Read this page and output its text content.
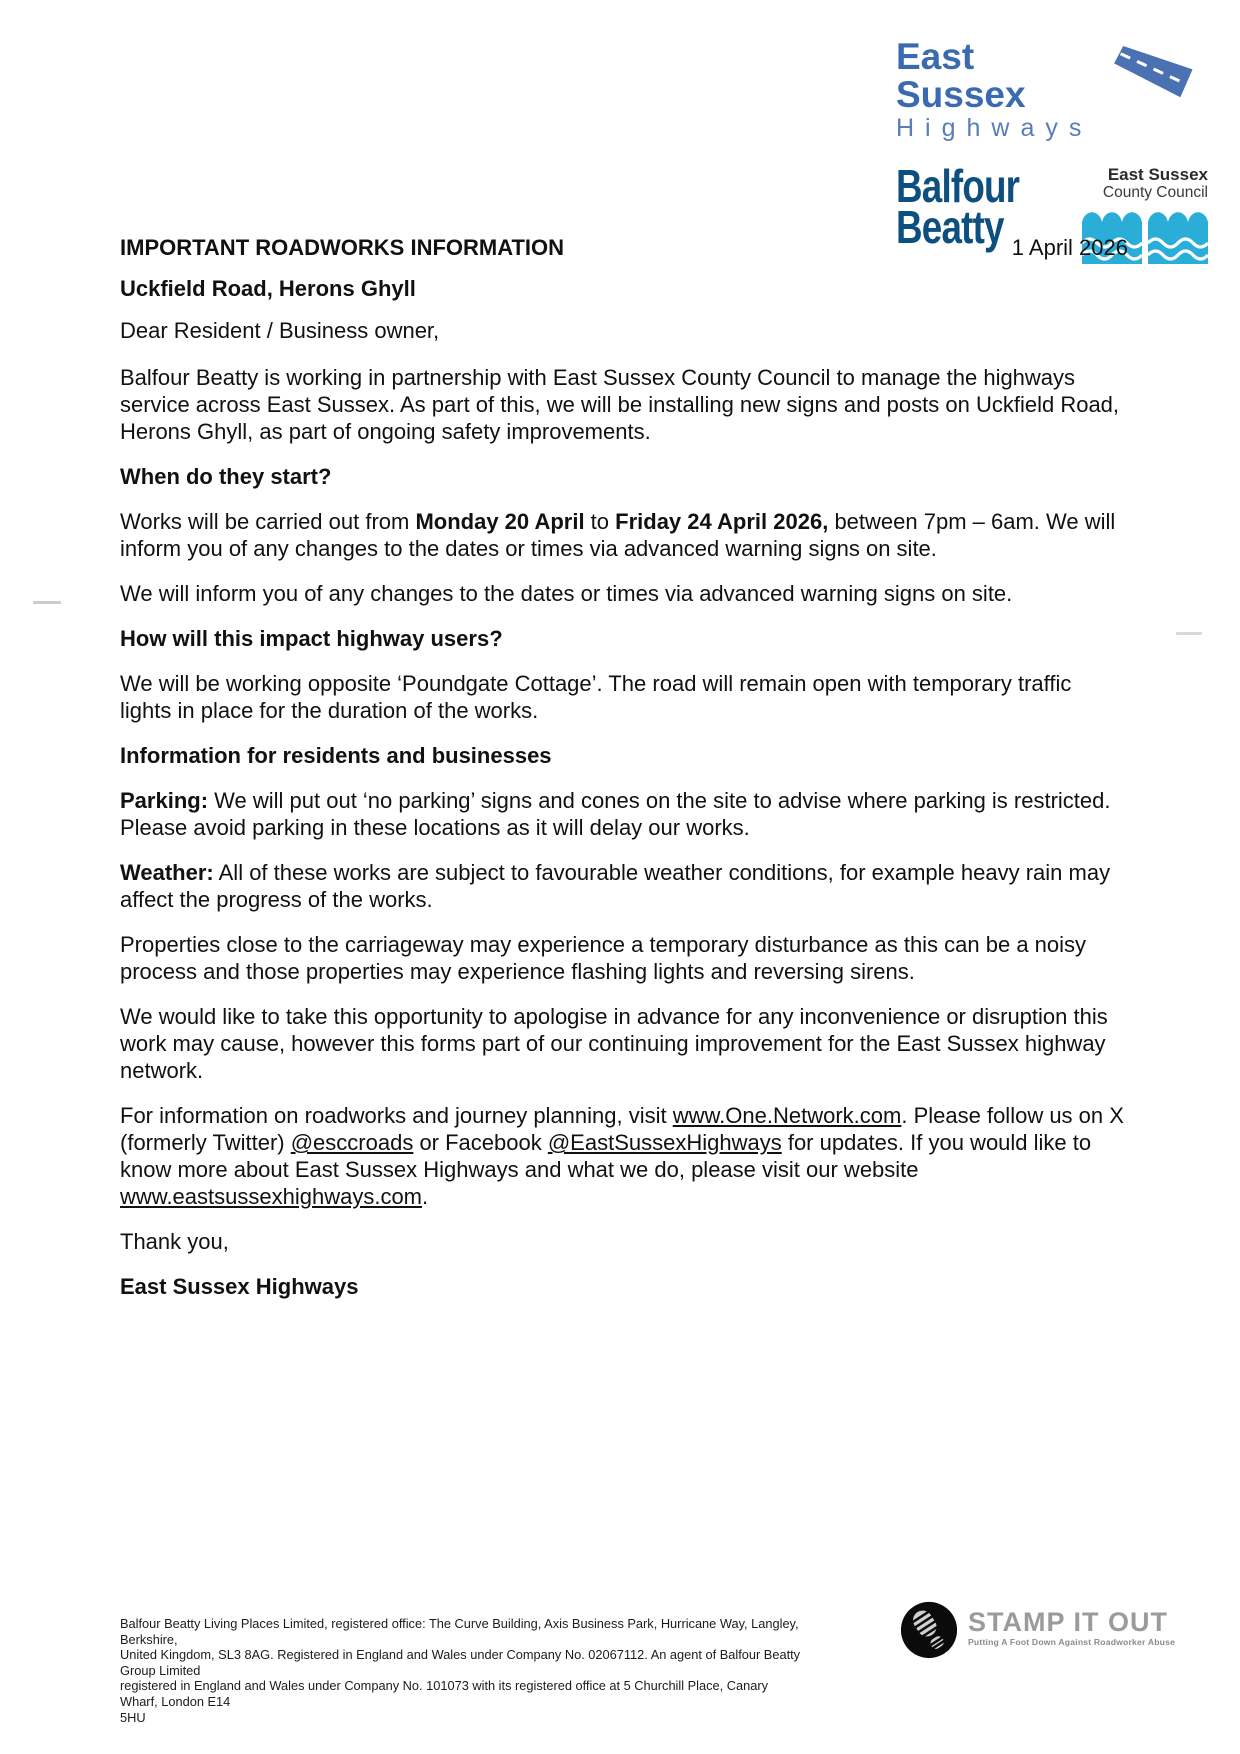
East Sussex
Highways
Balfour
Beatty
East Sussex
County Council
IMPORTANT ROADWORKS INFORMATION	1 April 2026
Uckfield Road, Herons Ghyll
Dear Resident / Business owner,
Balfour Beatty is working in partnership with East Sussex County Council to manage the highways service across East Sussex. As part of this, we will be installing new signs and posts on Uckfield Road, Herons Ghyll, as part of ongoing safety improvements.
When do they start?
Works will be carried out from Monday 20 April to Friday 24 April 2026, between 7pm – 6am. We will inform you of any changes to the dates or times via advanced warning signs on site.
We will inform you of any changes to the dates or times via advanced warning signs on site.
How will this impact highway users?
We will be working opposite ‘Poundgate Cottage’. The road will remain open with temporary traffic lights in place for the duration of the works.
Information for residents and businesses
Parking: We will put out ‘no parking’ signs and cones on the site to advise where parking is restricted. Please avoid parking in these locations as it will delay our works.
Weather: All of these works are subject to favourable weather conditions, for example heavy rain may affect the progress of the works.
Properties close to the carriageway may experience a temporary disturbance as this can be a noisy process and those properties may experience flashing lights and reversing sirens.
We would like to take this opportunity to apologise in advance for any inconvenience or disruption this work may cause, however this forms part of our continuing improvement for the East Sussex highway network.
For information on roadworks and journey planning, visit www.One.Network.com. Please follow us on X (formerly Twitter) @esccroads or Facebook @EastSussexHighways for updates. If you would like to know more about East Sussex Highways and what we do, please visit our website www.eastsussexhighways.com.
Thank you,
East Sussex Highways
Balfour Beatty Living Places Limited, registered office: The Curve Building, Axis Business Park, Hurricane Way, Langley, Berkshire,
United Kingdom, SL3 8AG. Registered in England and Wales under Company No. 02067112. An agent of Balfour Beatty Group Limited
registered in England and Wales under Company No. 101073 with its registered office at 5 Churchill Place, Canary Wharf, London E14
5HU
STAMP IT OUT
Putting A Foot Down Against Roadworker Abuse
